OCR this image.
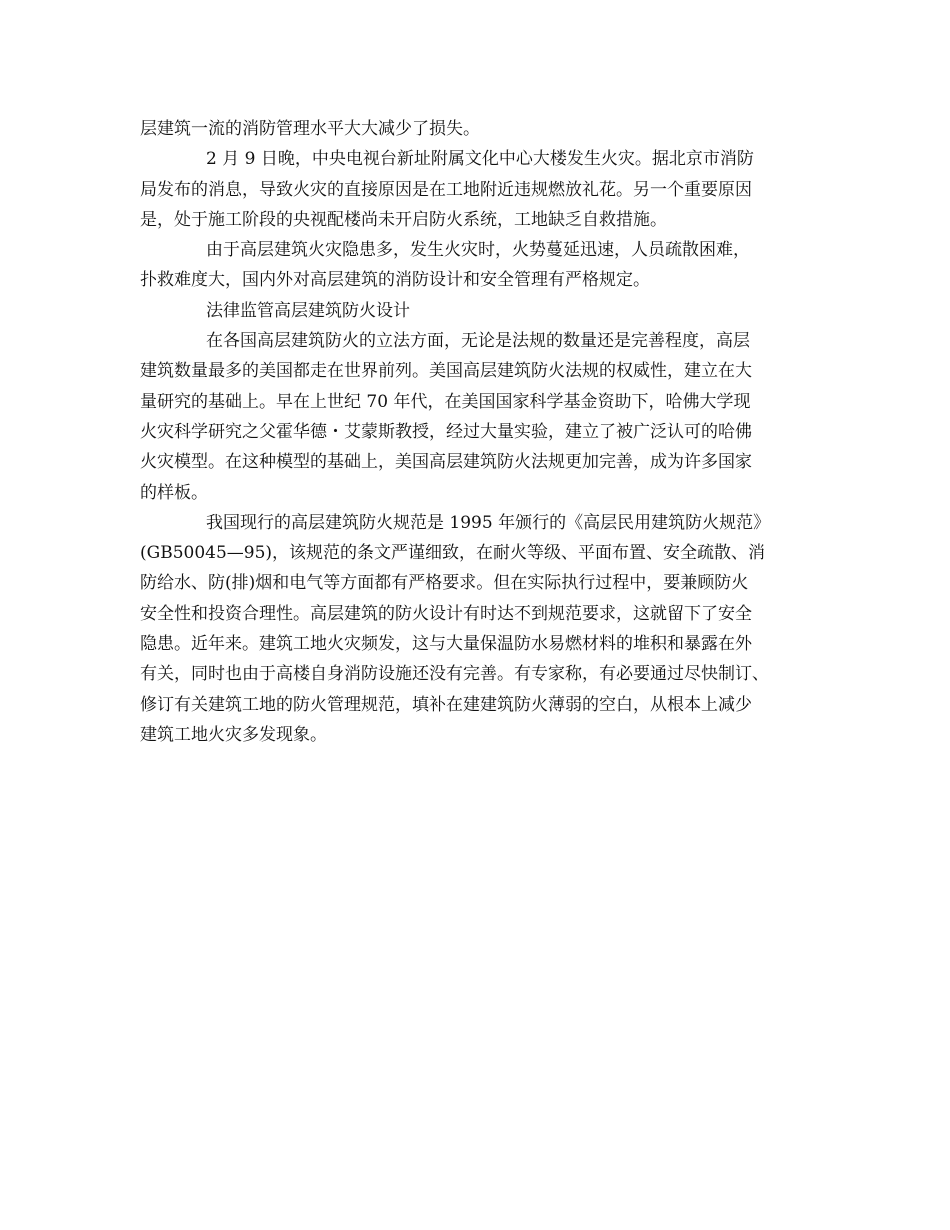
层建筑一流的消防管理水平大大减少了损失。
2 月 9 日晚，中央电视台新址附属文化中心大楼发生火灾。据北京市消防
局发布的消息，导致火灾的直接原因是在工地附近违规燃放礼花。另一个重要原因
是，处于施工阶段的央视配楼尚未开启防火系统，工地缺乏自救措施。
由于高层建筑火灾隐患多，发生火灾时，火势蔓延迅速，人员疏散困难，
扑救难度大，国内外对高层建筑的消防设计和安全管理有严格规定。
法律监管高层建筑防火设计
在各国高层建筑防火的立法方面，无论是法规的数量还是完善程度，高层
建筑数量最多的美国都走在世界前列。美国高层建筑防火法规的权威性，建立在大
量研究的基础上。早在上世纪 70 年代，在美国国家科学基金资助下，哈佛大学现
火灾科学研究之父霍华德・艾蒙斯教授，经过大量实验，建立了被广泛认可的哈佛
火灾模型。在这种模型的基础上，美国高层建筑防火法规更加完善，成为许多国家
的样板。
我国现行的高层建筑防火规范是 1995 年颁行的《高层民用建筑防火规范》
(GB50045—95)，该规范的条文严谨细致，在耐火等级、平面布置、安全疏散、消
防给水、防(排)烟和电气等方面都有严格要求。但在实际执行过程中，要兼顾防火
安全性和投资合理性。高层建筑的防火设计有时达不到规范要求，这就留下了安全
隐患。近年来。建筑工地火灾频发，这与大量保温防水易燃材料的堆积和暴露在外
有关，同时也由于高楼自身消防设施还没有完善。有专家称，有必要通过尽快制订、
修订有关建筑工地的防火管理规范，填补在建建筑防火薄弱的空白，从根本上减少
建筑工地火灾多发现象。
